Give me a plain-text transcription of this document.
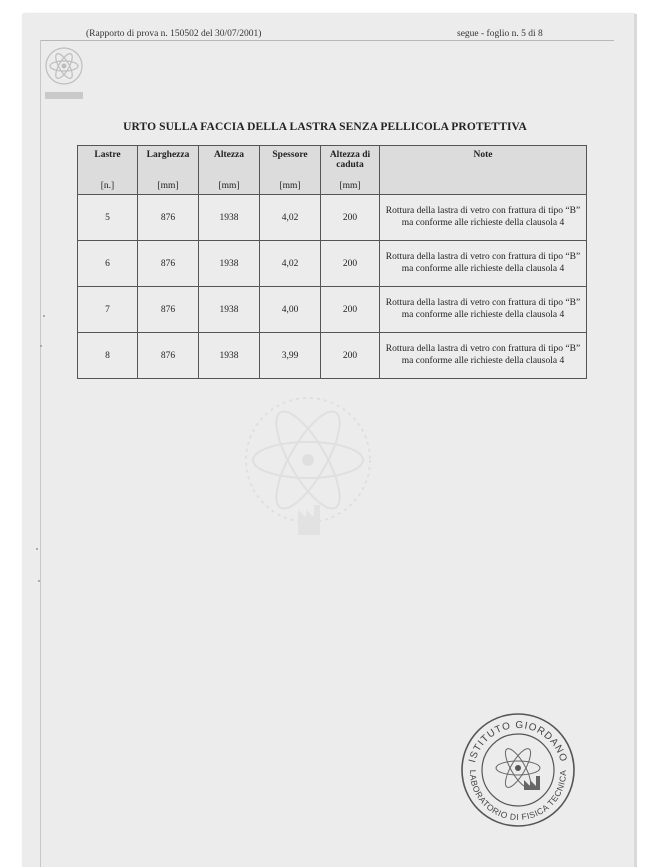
(Rapporto di prova n. 150502 del 30/07/2001)	segue - foglio n. 5 di 8
URTO SULLA FACCIA DELLA LASTRA SENZA PELLICOLA PROTETTIVA
Lastre	Larghezza	Altezza	Spessore	Altezza di caduta	Note
[n.]	[mm]	[mm]	[mm]	[mm]	
5	876	1938	4,02	200	Rottura della lastra di vetro con frattura di tipo “B” ma conforme alle richieste della clausola 4
6	876	1938	4,02	200	Rottura della lastra di vetro con frattura di tipo “B” ma conforme alle richieste della clausola 4
7	876	1938	4,00	200	Rottura della lastra di vetro con frattura di tipo “B” ma conforme alle richieste della clausola 4
8	876	1938	3,99	200	Rottura della lastra di vetro con frattura di tipo “B” ma conforme alle richieste della clausola 4
ISTITUTO GIORDANO
LABORATORIO DI FISICA TECNICA
